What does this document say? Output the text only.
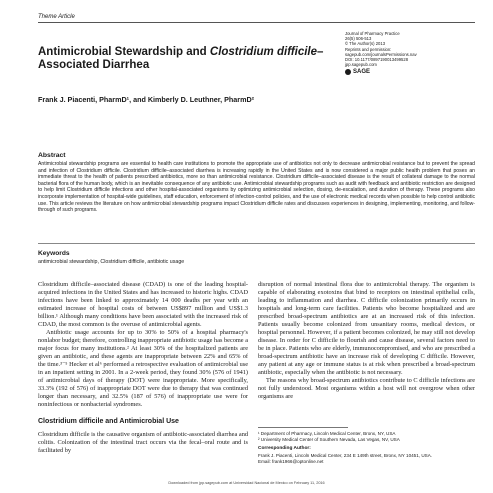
Theme Article
Antimicrobial Stewardship and Clostridium difficile–Associated Diarrhea
Journal of Pharmacy Practice
26(5) 506-513
© The Author(s) 2013
Reprints and permission:
sagepub.com/journalsPermissions.nav
DOI: 10.1177/0897190013499528
jpp.sagepub.com
SAGE
Frank J. Piacenti, PharmD¹, and Kimberly D. Leuthner, PharmD²
Abstract
Antimicrobial stewardship programs are essential to health care institutions to promote the appropriate use of antibiotics not only to decrease antimicrobial resistance but to prevent the spread and infection of Clostridium difficile. Clostridium difficile–associated diarrhea is increasing rapidly in the United States and is now considered a major public health problem that poses an immediate threat to the health of patients prescribed antibiotics, more so than antimicrobial resistance. Clostridium difficile–associated disease is the result of collateral damage to the normal bacterial flora of the human body, which is an inevitable consequence of any antibiotic use. Antimicrobial stewardship programs such as audit with feedback and antibiotic restriction are designed to help limit Clostridium difficile infections and other hospital-associated organisms by optimizing antimicrobial selection, dosing, de-escalation, and duration of therapy. These programs also incorporate implementation of hospital-wide guidelines, staff education, enforcement of infection-control policies, and the use of electronic medical records when possible to help control antibiotic use. This article reviews the literature on how antimicrobial stewardship programs impact Clostridium difficile rates and discusses experiences in designing, implementing, monitoring, and follow-through of such programs.
Keywords
antimicrobial stewardship, Clostridium difficile, antibiotic usage

Clostridium difficile–associated disease (CDAD) is one of the leading hospital-acquired infections in the United States and has increased to historic highs. CDAD infections have been linked to approximately 14 000 deaths per year with an estimated increase of hospital costs of between US$897 million and US$1.3 billion.¹ Although many conditions have been associated with the increased risk of CDAD, the most common is the overuse of antimicrobial agents.

Antibiotic usage accounts for up to 30% to 50% of a hospital pharmacy's nonlabor budget; therefore, controlling inappropriate antibiotic usage has become a major focus for many institutions.² At least 30% of the hospitalized patients are given an antibiotic, and these agents are inappropriate between 22% and 65% of the time.³⁻⁵ Hecker et al⁶ performed a retrospective evaluation of antimicrobial use in an inpatient setting in 2001. In a 2-week period, they found 30% (576 of 1941) of antimicrobial days of therapy (DOT) were inappropriate. More specifically, 33.3% (192 of 576) of inappropriate DOT were due to therapy that was continued longer than necessary, and 32.5% (187 of 576) of inappropriate use were for noninfectious or nonbacterial syndromes.

Clostridium difficile and Antimicrobial Use

Clostridium difficile is the causative organism of antibiotic-associated diarrhea and colitis. Colonization of the intestinal tract occurs via the fecal–oral route and is facilitated by

disruption of normal intestinal flora due to antimicrobial therapy. The organism is capable of elaborating exotoxins that bind to receptors on intestinal epithelial cells, leading to inflammation and diarrhea. C difficile colonization primarily occurs in hospitals and long-term care facilities. Patients who become hospitalized and are prescribed broad-spectrum antibiotics are at an increased risk of this infection. Patients usually become colonized from unsanitary rooms, medical devices, or hospital personnel. However, if a patient becomes colonized, he may still not develop disease. In order for C difficile to flourish and cause disease, several factors need to be in place. Patients who are elderly, immunocompromised, and who are prescribed a broad-spectrum antibiotic have an increase risk of developing C difficile. However, any patient at any age or immune status is at risk when prescribed a broad-spectrum antibiotic, especially when the antibiotic is not necessary.

The reasons why broad-spectrum antibiotics contribute to C difficile infections are not fully understood. Most organisms within a host will not overgrow when other organisms are

¹ Department of Pharmacy, Lincoln Medical Center, Bronx, NY, USA
² University Medical Center of Southern Nevada, Las Vegas, NV, USA
Corresponding Author:
Frank J. Piacenti, Lincoln Medical Center, 234 E 149th street, Bronx, NY 10451, USA.
Email: frank1966@optonline.net
Downloaded from jpp.sagepub.com at Universidad Nacional de Mexico on February 11, 2016
